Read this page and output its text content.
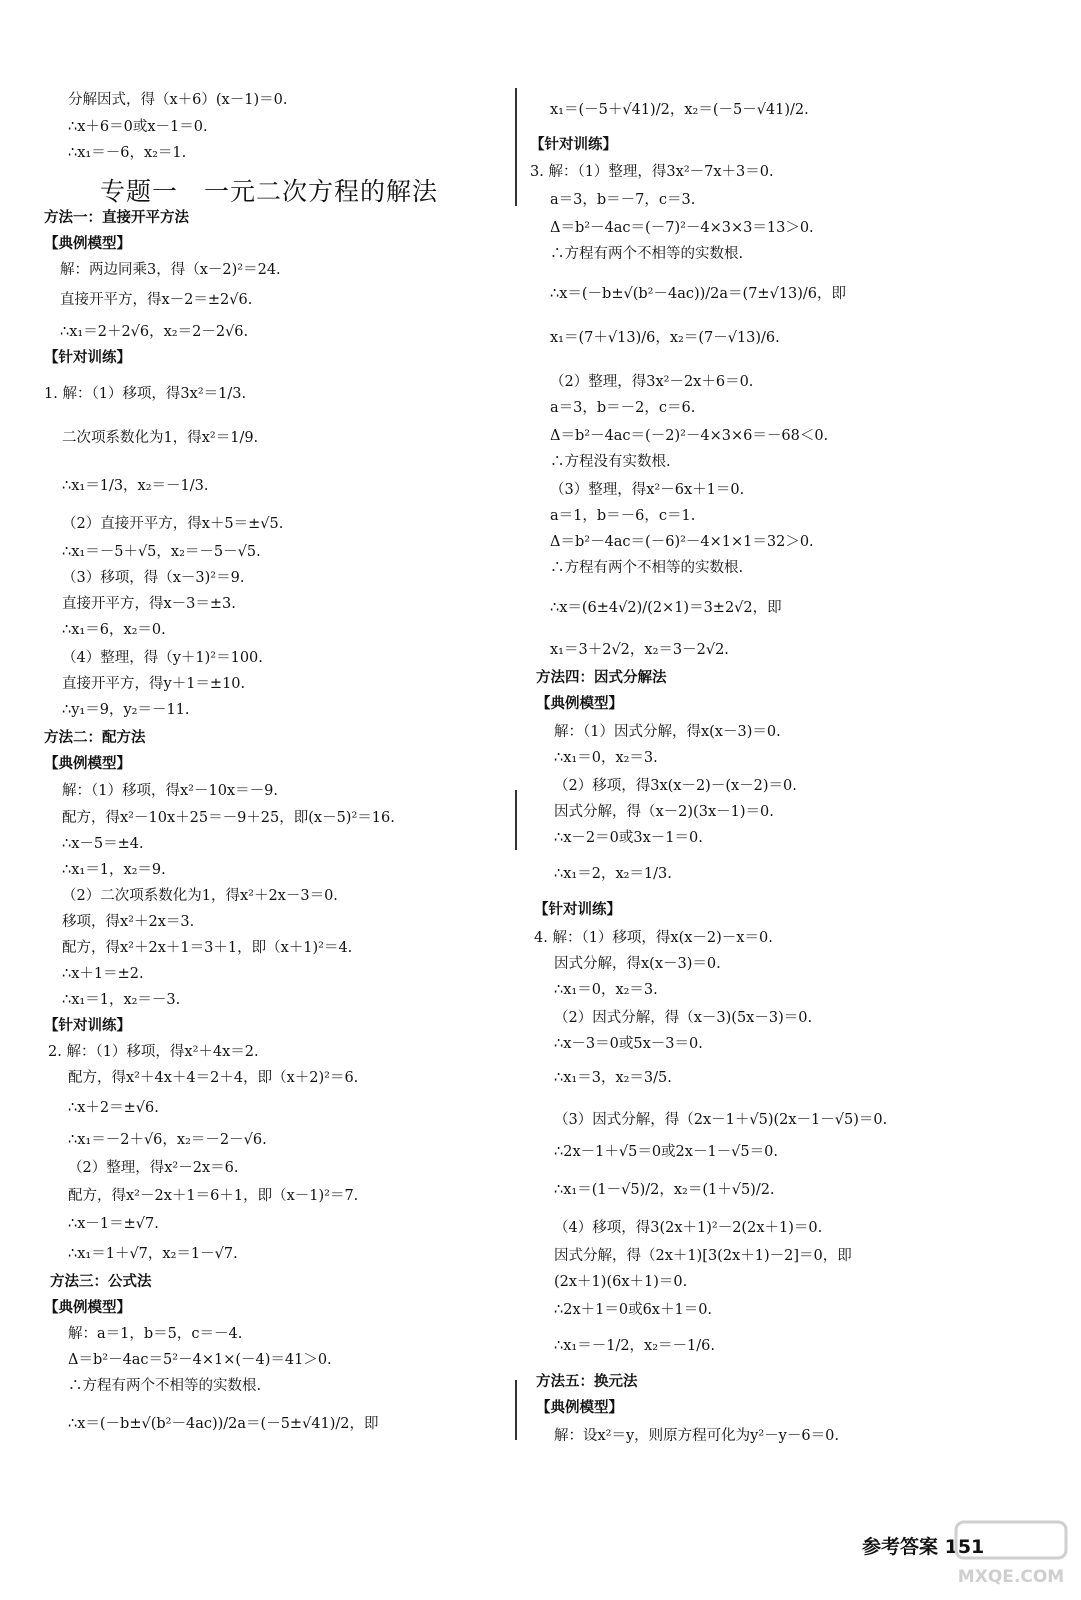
分解因式，得（x＋6）(x－1)＝0.
∴x＋6＝0或x－1＝0.
∴x₁＝－6，x₂＝1.
方法一：直接开平方法
【典例模型】
解：两边同乘3，得（x－2)²＝24.
直接开平方，得x－2＝±2√6.
∴x₁＝2＋2√6，x₂＝2－2√6.
【针对训练】
1. 解：（1）移项，得3x²＝1/3.
二次项系数化为1，得x²＝1/9.
∴x₁＝1/3，x₂＝－1/3.
（2）直接开平方，得x＋5＝±√5.
∴x₁＝－5＋√5，x₂＝－5－√5.
（3）移项，得（x－3)²＝9.
直接开平方，得x－3＝±3.
∴x₁＝6，x₂＝0.
（4）整理，得（y＋1)²＝100.
直接开平方，得y＋1＝±10.
∴y₁＝9，y₂＝－11.
方法二：配方法
【典例模型】
解：（1）移项，得x²－10x＝－9.
配方，得x²－10x＋25＝－9＋25，即(x－5)²＝16.
∴x－5＝±4.
∴x₁＝1，x₂＝9.
（2）二次项系数化为1，得x²＋2x－3＝0.
移项，得x²＋2x＝3.
配方，得x²＋2x＋1＝3＋1，即（x＋1)²＝4.
∴x＋1＝±2.
∴x₁＝1，x₂＝－3.
【针对训练】
2. 解：（1）移项，得x²＋4x＝2.
配方，得x²＋4x＋4＝2＋4，即（x＋2)²＝6.
∴x＋2＝±√6.
∴x₁＝－2＋√6，x₂＝－2－√6.
（2）整理，得x²－2x＝6.
配方，得x²－2x＋1＝6＋1，即（x－1)²＝7.
∴x－1＝±√7.
∴x₁＝1＋√7，x₂＝1－√7.
方法三：公式法
【典例模型】
解：a＝1，b＝5，c＝－4.
Δ＝b²－4ac＝5²－4×1×(－4)＝41＞0.
∴方程有两个不相等的实数根.
∴x＝(－b±√(b²－4ac))/2a＝(－5±√41)/2，即
x₁＝(－5＋√41)/2，x₂＝(－5－√41)/2.
【针对训练】
3. 解：（1）整理，得3x²－7x＋3＝0.
a＝3，b＝－7，c＝3.
Δ＝b²－4ac＝(－7)²－4×3×3＝13＞0.
∴方程有两个不相等的实数根.
∴x＝(－b±√(b²－4ac))/2a＝(7±√13)/6，即
x₁＝(7＋√13)/6，x₂＝(7－√13)/6.
（2）整理，得3x²－2x＋6＝0.
a＝3，b＝－2，c＝6.
Δ＝b²－4ac＝(－2)²－4×3×6＝－68＜0.
∴方程没有实数根.
（3）整理，得x²－6x＋1＝0.
a＝1，b＝－6，c＝1.
Δ＝b²－4ac＝(－6)²－4×1×1＝32＞0.
∴方程有两个不相等的实数根.
∴x＝(6±4√2)/(2×1)＝3±2√2，即
x₁＝3＋2√2，x₂＝3－2√2.
方法四：因式分解法
【典例模型】
解：（1）因式分解，得x(x－3)＝0.
∴x₁＝0，x₂＝3.
（2）移项，得3x(x－2)－(x－2)＝0.
因式分解，得（x－2)(3x－1)＝0.
∴x－2＝0或3x－1＝0.
∴x₁＝2，x₂＝1/3.
【针对训练】
4. 解：（1）移项，得x(x－2)－x＝0.
因式分解，得x(x－3)＝0.
∴x₁＝0，x₂＝3.
（2）因式分解，得（x－3)(5x－3)＝0.
∴x－3＝0或5x－3＝0.
∴x₁＝3，x₂＝3/5.
（3）因式分解，得（2x－1＋√5)(2x－1－√5)＝0.
∴2x－1＋√5＝0或2x－1－√5＝0.
∴x₁＝(1－√5)/2，x₂＝(1＋√5)/2.
（4）移项，得3(2x＋1)²－2(2x＋1)＝0.
因式分解，得（2x＋1)[3(2x＋1)－2]＝0，即
(2x＋1)(6x＋1)＝0.
∴2x＋1＝0或6x＋1＝0.
∴x₁＝－1/2，x₂＝－1/6.
方法五：换元法
【典例模型】
解：设x²＝y，则原方程可化为y²－y－6＝0.
专题一　一元二次方程的解法
参考答案 151
MXQE.COM
